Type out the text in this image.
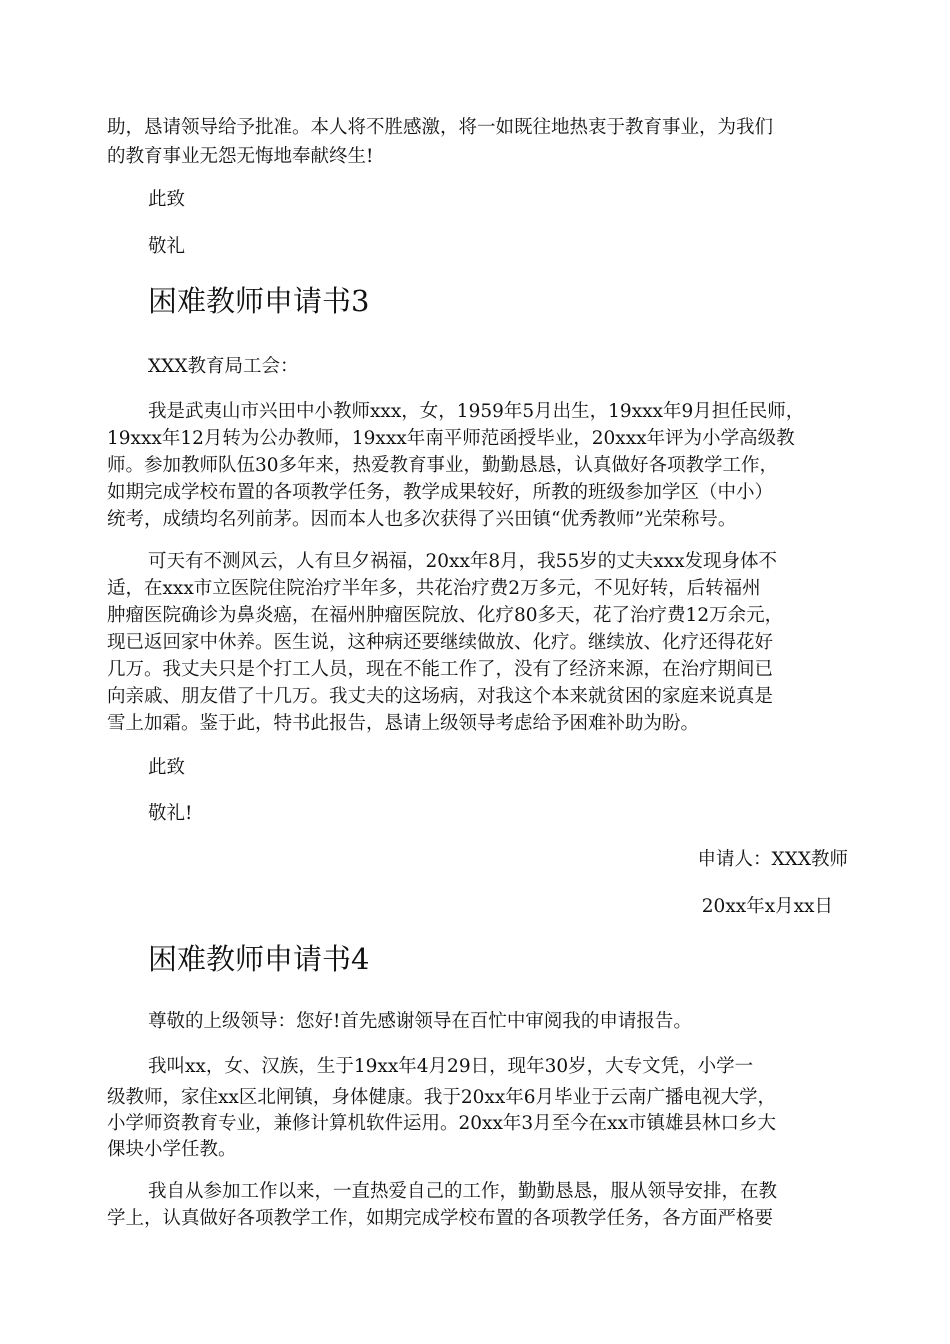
助，恳请领导给予批准。本人将不胜感激，将一如既往地热衷于教育事业，为我们
的教育事业无怨无悔地奉献终生!
此致
敬礼
困难教师申请书3
XXX教育局工会：
我是武夷山市兴田中小教师xxx，女，1959年5月出生，19xxx年9月担任民师，
19xxx年12月转为公办教师，19xxx年南平师范函授毕业，20xxx年评为小学高级教
师。参加教师队伍30多年来，热爱教育事业，勤勤恳恳，认真做好各项教学工作，
如期完成学校布置的各项教学任务，教学成果较好，所教的班级参加学区（中小）
统考，成绩均名列前茅。因而本人也多次获得了兴田镇“优秀教师”光荣称号。
可天有不测风云，人有旦夕祸福，20xx年8月，我55岁的丈夫xxx发现身体不
适，在xxx市立医院住院治疗半年多，共花治疗费2万多元，不见好转，后转福州
肿瘤医院确诊为鼻炎癌，在福州肿瘤医院放、化疗80多天，花了治疗费12万余元，
现已返回家中休养。医生说，这种病还要继续做放、化疗。继续放、化疗还得花好
几万。我丈夫只是个打工人员，现在不能工作了，没有了经济来源，在治疗期间已
向亲戚、朋友借了十几万。我丈夫的这场病，对我这个本来就贫困的家庭来说真是
雪上加霜。鉴于此，特书此报告，恳请上级领导考虑给予困难补助为盼。
此致
敬礼!
申请人：XXX教师
20xx年x月xx日
困难教师申请书4
尊敬的上级领导：您好!首先感谢领导在百忙中审阅我的申请报告。
我叫xx，女、汉族，生于19xx年4月29日，现年30岁，大专文凭，小学一
级教师，家住xx区北闸镇，身体健康。我于20xx年6月毕业于云南广播电视大学，
小学师资教育专业，兼修计算机软件运用。20xx年3月至今在xx市镇雄县林口乡大
倮块小学任教。
我自从参加工作以来，一直热爱自己的工作，勤勤恳恳，服从领导安排，在教
学上，认真做好各项教学工作，如期完成学校布置的各项教学任务，各方面严格要
